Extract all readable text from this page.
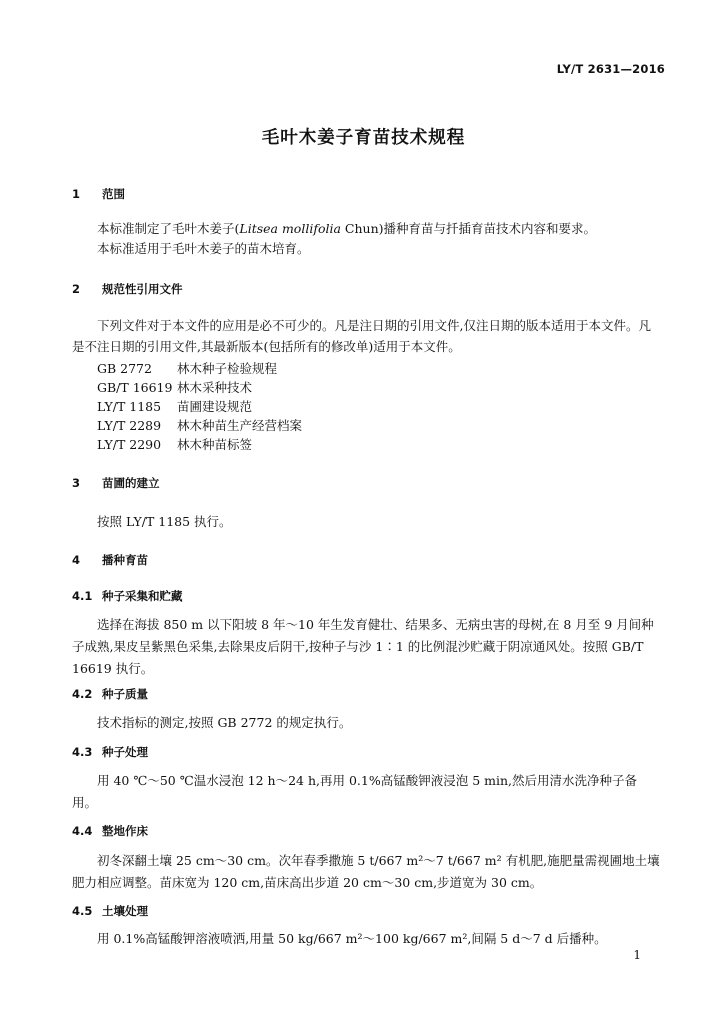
LY/T 2631—2016
毛叶木姜子育苗技术规程
1 范围
本标准制定了毛叶木姜子(Litsea mollifolia Chun)播种育苗与扦插育苗技术内容和要求。
本标准适用于毛叶木姜子的苗木培育。
2 规范性引用文件
下列文件对于本文件的应用是必不可少的。凡是注日期的引用文件,仅注日期的版本适用于本文件。凡是不注日期的引用文件,其最新版本(包括所有的修改单)适用于本文件。
GB 2772 林木种子检验规程
GB/T 16619 林木采种技术
LY/T 1185 苗圃建设规范
LY/T 2289 林木种苗生产经营档案
LY/T 2290 林木种苗标签
3 苗圃的建立
按照 LY/T 1185 执行。
4 播种育苗
4.1 种子采集和贮藏
选择在海拔 850 m 以下阳坡 8 年～10 年生发育健壮、结果多、无病虫害的母树,在 8 月至 9 月间种子成熟,果皮呈紫黑色采集,去除果皮后阴干,按种子与沙 1∶1 的比例混沙贮藏于阴凉通风处。按照 GB/T 16619 执行。
4.2 种子质量
技术指标的测定,按照 GB 2772 的规定执行。
4.3 种子处理
用 40 ℃～50 ℃温水浸泡 12 h～24 h,再用 0.1%高锰酸钾液浸泡 5 min,然后用清水洗净种子备用。
4.4 整地作床
初冬深翻土壤 25 cm～30 cm。次年春季撒施 5 t/667 m²～7 t/667 m² 有机肥,施肥量需视圃地土壤肥力相应调整。苗床宽为 120 cm,苗床高出步道 20 cm～30 cm,步道宽为 30 cm。
4.5 土壤处理
用 0.1%高锰酸钾溶液喷洒,用量 50 kg/667 m²～100 kg/667 m²,间隔 5 d～7 d 后播种。
1
